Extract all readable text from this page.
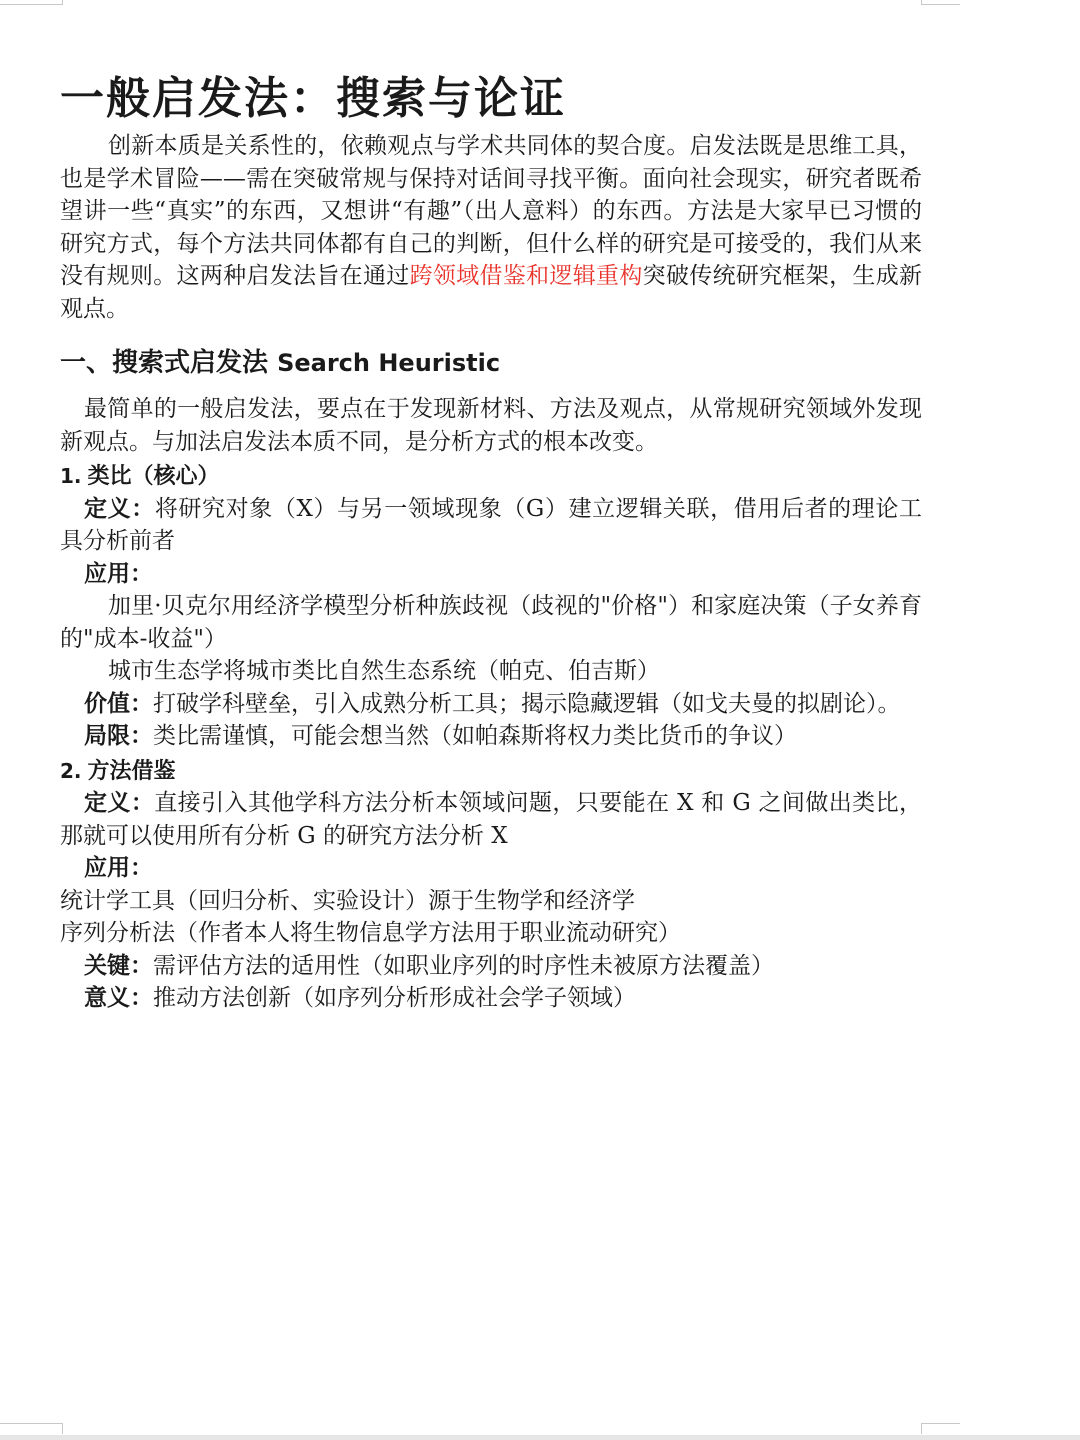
一般启发法：搜索与论证

创新本质是关系性的，依赖观点与学术共同体的契合度。启发法既是思维工具，也是学术冒险——需在突破常规与保持对话间寻找平衡。面向社会现实，研究者既希望讲一些“真实”的东西，又想讲“有趣”（出人意料）的东西。方法是大家早已习惯的研究方式，每个方法共同体都有自己的判断，但什么样的研究是可接受的，我们从来没有规则。这两种启发法旨在通过跨领域借鉴和逻辑重构突破传统研究框架，生成新观点。

一、搜索式启发法 Search Heuristic

最简单的一般启发法，要点在于发现新材料、方法及观点，从常规研究领域外发现新观点。与加法启发法本质不同，是分析方式的根本改变。

1. 类比（核心）

定义：将研究对象（X）与另一领域现象（G）建立逻辑关联，借用后者的理论工具分析前者

应用：

加里·贝克尔用经济学模型分析种族歧视（歧视的"价格"）和家庭决策（子女养育的"成本-收益"）

城市生态学将城市类比自然生态系统（帕克、伯吉斯）

价值：打破学科壁垒，引入成熟分析工具；揭示隐藏逻辑（如戈夫曼的拟剧论）。

局限：类比需谨慎，可能会想当然（如帕森斯将权力类比货币的争议）

2. 方法借鉴

定义：直接引入其他学科方法分析本领域问题，只要能在 X 和 G 之间做出类比，那就可以使用所有分析 G 的研究方法分析 X

应用：

统计学工具（回归分析、实验设计）源于生物学和经济学

序列分析法（作者本人将生物信息学方法用于职业流动研究）

关键：需评估方法的适用性（如职业序列的时序性未被原方法覆盖）

意义：推动方法创新（如序列分析形成社会学子领域）
